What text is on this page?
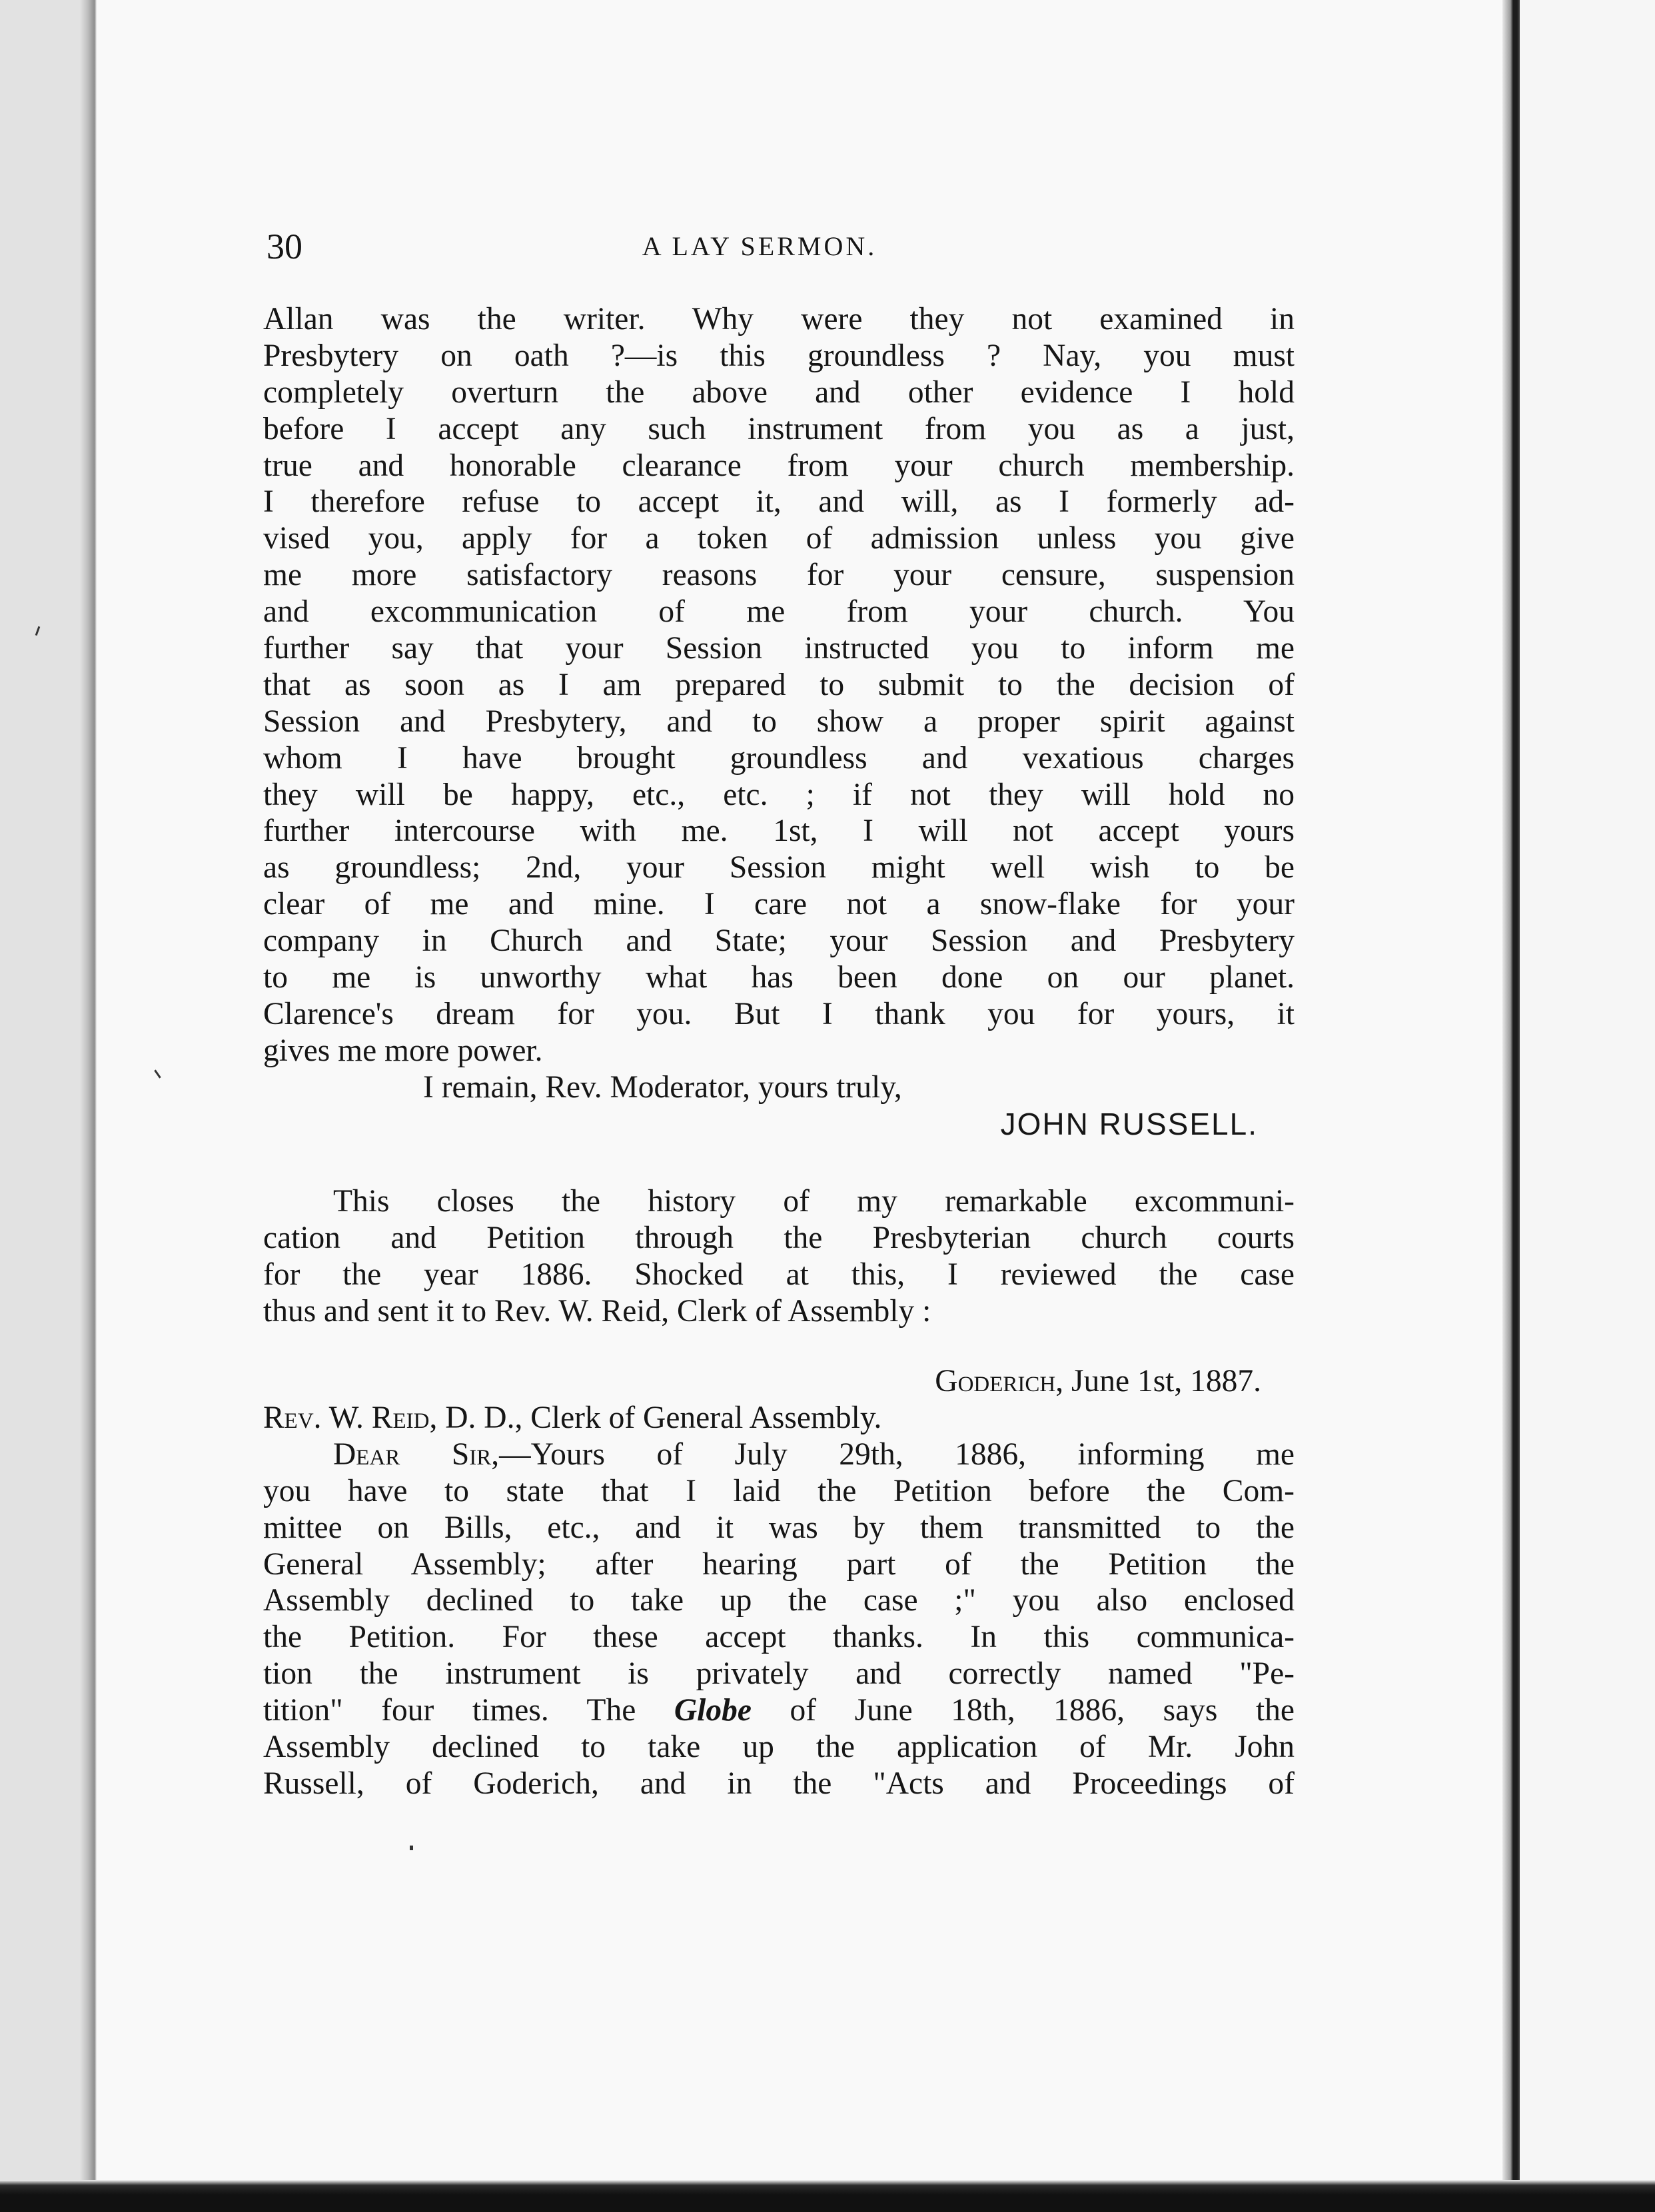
30	A LAY SERMON.
Allan was the writer. Why were they not examined in
Presbytery on oath ?—is this groundless ? Nay, you must
completely overturn the above and other evidence I hold
before I accept any such instrument from you as a just,
true and honorable clearance from your church membership.
I therefore refuse to accept it, and will, as I formerly ad-
vised you, apply for a token of admission unless you give
me more satisfactory reasons for your censure, suspension
and excommunication of me from your church. You
further say that your Session instructed you to inform me
that as soon as I am prepared to submit to the decision of
Session and Presbytery, and to show a proper spirit against
whom I have brought groundless and vexatious charges
they will be happy, etc., etc. ; if not they will hold no
further intercourse with me. 1st, I will not accept yours
as groundless; 2nd, your Session might well wish to be
clear of me and mine. I care not a snow-flake for your
company in Church and State; your Session and Presbytery
to me is unworthy what has been done on our planet.
Clarence's dream for you. But I thank you for yours, it
gives me more power.
I remain, Rev. Moderator, yours truly,
JOHN RUSSELL.
This closes the history of my remarkable excommuni-
cation and Petition through the Presbyterian church courts
for the year 1886. Shocked at this, I reviewed the case
thus and sent it to Rev. W. Reid, Clerk of Assembly :
Goderich, June 1st, 1887.
Rev. W. Reid, D. D., Clerk of General Assembly.
Dear Sir,—Yours of July 29th, 1886, informing me
you have to state that I laid the Petition before the Com-
mittee on Bills, etc., and it was by them transmitted to the
General Assembly; after hearing part of the Petition the
Assembly declined to take up the case ;" you also enclosed
the Petition. For these accept thanks. In this communica-
tion the instrument is privately and correctly named "Pe-
tition" four times. The Globe of June 18th, 1886, says the
Assembly declined to take up the application of Mr. John
Russell, of Goderich, and in the "Acts and Proceedings of
